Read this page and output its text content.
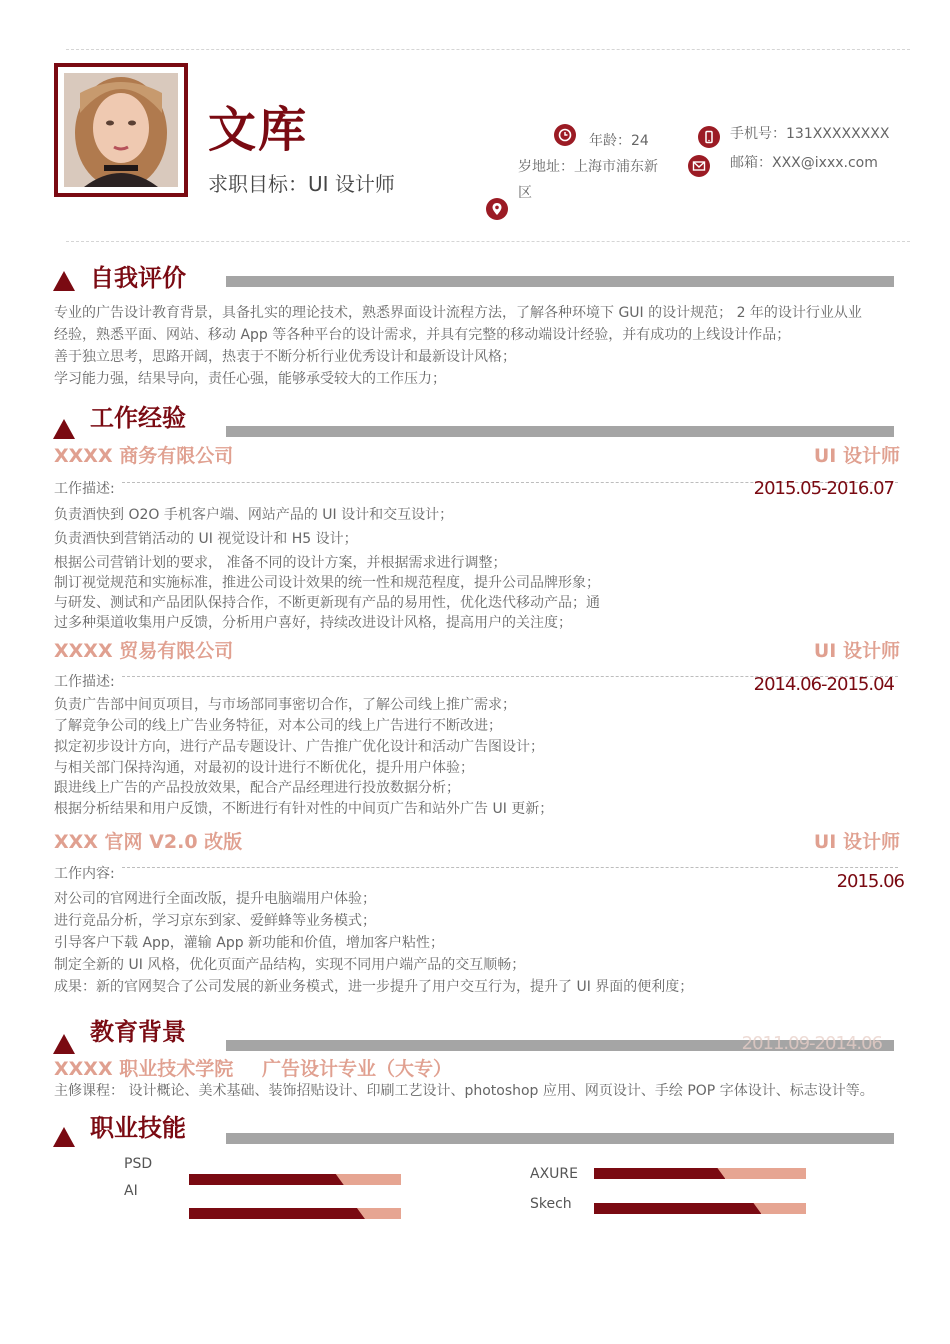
文库
求职目标：UI 设计师
年龄：24
岁地址：上海市浦东新区
手机号：131XXXXXXXX
邮箱：XXX@ixxx.com
自我评价
专业的广告设计教育背景，具备扎实的理论技术，熟悉界面设计流程方法，了解各种环境下 GUI 的设计规范； 2 年的设计行业从业
经验，熟悉平面、网站、移动 App 等各种平台的设计需求，并具有完整的移动端设计经验，并有成功的上线设计作品；
善于独立思考，思路开阔，热衷于不断分析行业优秀设计和最新设计风格；
学习能力强，结果导向，责任心强，能够承受较大的工作压力；
工作经验
XXXX 商务有限公司	UI 设计师
工作描述:	2015.05-2016.07
负责酒快到 O2O 手机客户端、网站产品的 UI 设计和交互设计；
负责酒快到营销活动的 UI 视觉设计和 H5 设计；
根据公司营销计划的要求， 准备不同的设计方案，并根据需求进行调整；
制订视觉规范和实施标准，推进公司设计效果的统一性和规范程度，提升公司品牌形象；
与研发、测试和产品团队保持合作，不断更新现有产品的易用性，优化迭代移动产品；通
过多种渠道收集用户反馈，分析用户喜好，持续改进设计风格，提高用户的关注度；
XXXX 贸易有限公司	UI 设计师
工作描述:	2014.06-2015.04
负责广告部中间页项目，与市场部同事密切合作，了解公司线上推广需求；
了解竞争公司的线上广告业务特征，对本公司的线上广告进行不断改进；
拟定初步设计方向，进行产品专题设计、广告推广优化设计和活动广告图设计；
与相关部门保持沟通，对最初的设计进行不断优化，提升用户体验；
跟进线上广告的产品投放效果，配合产品经理进行投放数据分析；
根据分析结果和用户反馈，不断进行有针对性的中间页广告和站外广告 UI 更新；
XXX 官网 V2.0 改版	UI 设计师
工作内容:	2015.06
对公司的官网进行全面改版，提升电脑端用户体验；
进行竞品分析，学习京东到家、爱鲜蜂等业务模式；
引导客户下载 App，灌输 App 新功能和价值，增加客户粘性；
制定全新的 UI 风格，优化页面产品结构，实现不同用户端产品的交互顺畅；
成果：新的官网契合了公司发展的新业务模式，进一步提升了用户交互行为，提升了 UI 界面的便利度；
教育背景	2011.09-2014.06
XXXX 职业技术学院 广告设计专业（大专）
主修课程： 设计概论、美术基础、装饰招贴设计、印刷工艺设计、photoshop 应用、网页设计、手绘 POP 字体设计、标志设计等。
职业技能
PSD
AI
AXURE
Skech
